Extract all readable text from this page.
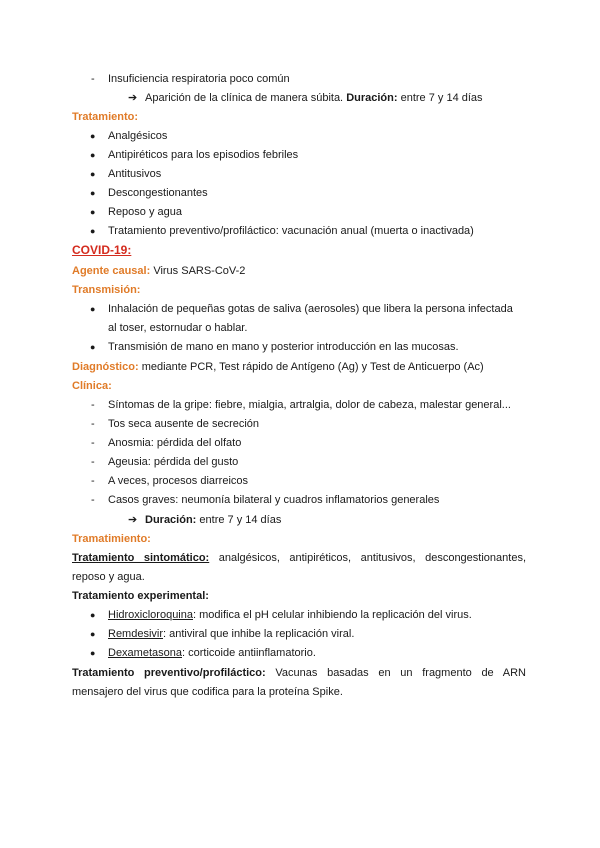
- Insuficiencia respiratoria poco común
➔ Aparición de la clínica de manera súbita. Duración: entre 7 y 14 días
Tratamiento:
● Analgésicos
● Antipiréticos para los episodios febriles
● Antitusivos
● Descongestionantes
● Reposo y agua
● Tratamiento preventivo/profiláctico: vacunación anual (muerta o inactivada)
COVID-19:
Agente causal: Virus SARS-CoV-2
Transmisión:
● Inhalación de pequeñas gotas de saliva (aerosoles) que libera la persona infectada
al toser, estornudar o hablar.
● Transmisión de mano en mano y posterior introducción en las mucosas.
Diagnóstico: mediante PCR, Test rápido de Antígeno (Ag) y Test de Anticuerpo (Ac)
Clínica:
- Síntomas de la gripe: fiebre, mialgia, artralgia, dolor de cabeza, malestar general...
- Tos seca ausente de secreción
- Anosmia: pérdida del olfato
- Ageusia: pérdida del gusto
- A veces, procesos diarreicos
- Casos graves: neumonía bilateral y cuadros inflamatorios generales
➔ Duración: entre 7 y 14 días
Tramatimiento:
Tratamiento sintomático: analgésicos, antipiréticos, antitusivos, descongestionantes,
reposo y agua.
Tratamiento experimental:
● Hidroxicloroquina: modifica el pH celular inhibiendo la replicación del virus.
● Remdesivir: antiviral que inhibe la replicación viral.
● Dexametasona: corticoide antiinflamatorio.
Tratamiento preventivo/profiláctico: Vacunas basadas en un fragmento de ARN
mensajero del virus que codifica para la proteína Spike.
